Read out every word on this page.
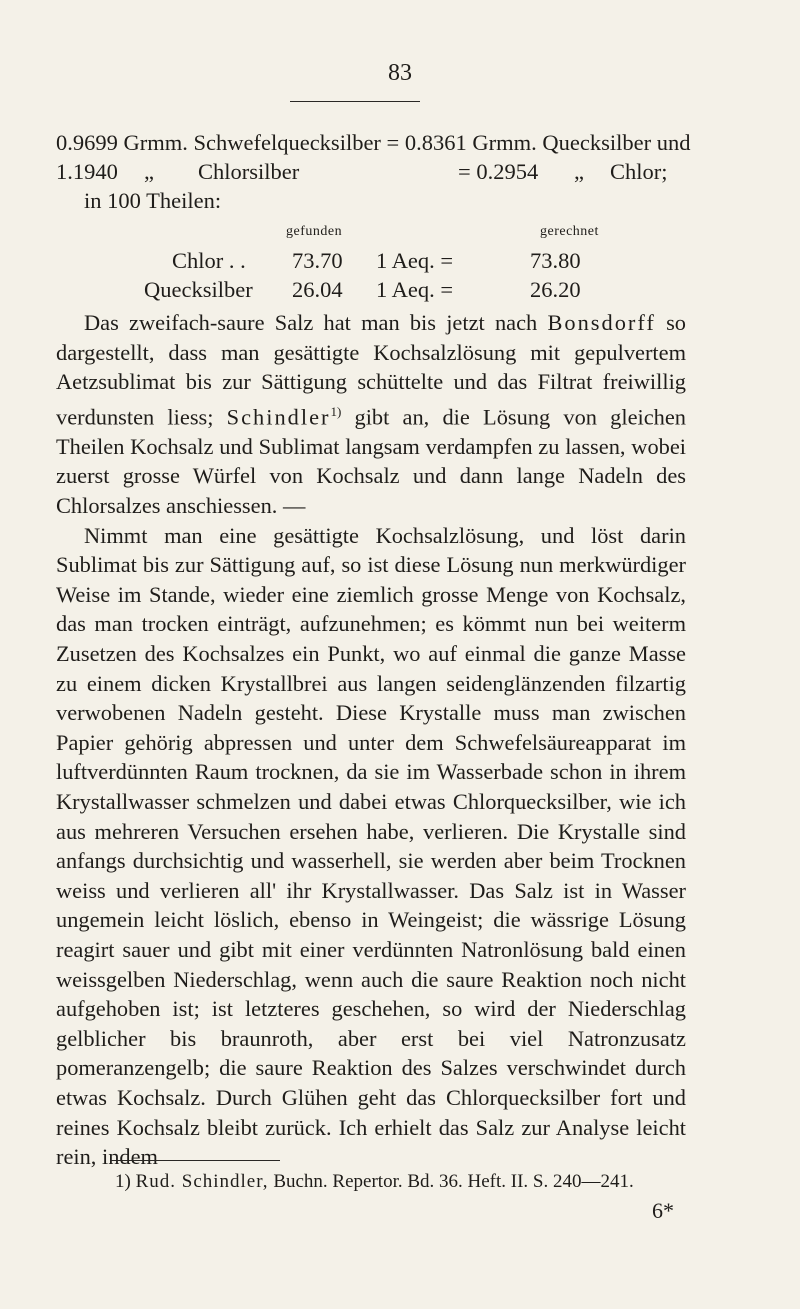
83
0.9699 Grmm. Schwefelquecksilber = 0.8361 Grmm. Quecksilber und
1.1940 „ Chlorsilber	= 0.2954 „ Chlor;
in 100 Theilen:
gefunden	gerechnet
Chlor . . 73.70 1 Aeq. =	73.80
Quecksilber 26.04 1 Aeq. =	26.20

Das zweifach-saure Salz hat man bis jetzt nach Bonsdorff so dargestellt, dass man gesättigte Kochsalzlösung mit gepulvertem Aetzsublimat bis zur Sättigung schüttelte und das Filtrat freiwillig verdunsten liess; Schindler$^{1)}$ gibt an, die Lösung von gleichen Theilen Kochsalz und Sublimat langsam verdampfen zu lassen, wobei zuerst grosse Würfel von Kochsalz und dann lange Nadeln des Chlorsalzes anschiessen. —

Nimmt man eine gesättigte Kochsalzlösung, und löst darin Sublimat bis zur Sättigung auf, so ist diese Lösung nun merkwürdiger Weise im Stande, wieder eine ziemlich grosse Menge von Kochsalz, das man trocken einträgt, aufzunehmen; es kömmt nun bei weiterm Zusetzen des Kochsalzes ein Punkt, wo auf einmal die ganze Masse zu einem dicken Krystallbrei aus langen seidenglänzenden filzartig verwobenen Nadeln gesteht. Diese Krystalle muss man zwischen Papier gehörig abpressen und unter dem Schwefelsäureapparat im luftverdünnten Raum trocknen, da sie im Wasserbade schon in ihrem Krystallwasser schmelzen und dabei etwas Chlorquecksilber, wie ich aus mehreren Versuchen ersehen habe, verlieren. Die Krystalle sind anfangs durchsichtig und wasserhell, sie werden aber beim Trocknen weiss und verlieren all' ihr Krystallwasser. Das Salz ist in Wasser ungemein leicht löslich, ebenso in Weingeist; die wässrige Lösung reagirt sauer und gibt mit einer verdünnten Natronlösung bald einen weissgelben Niederschlag, wenn auch die saure Reaktion noch nicht aufgehoben ist; ist letzteres geschehen, so wird der Niederschlag gelblicher bis braunroth, aber erst bei viel Natronzusatz pomeranzengelb; die saure Reaktion des Salzes verschwindet durch etwas Kochsalz. Durch Glühen geht das Chlorquecksilber fort und reines Kochsalz bleibt zurück. Ich erhielt das Salz zur Analyse leicht rein, indem

1) Rud. Schindler, Buchn. Repertor. Bd. 36. Heft. II. S. 240—241.
6*
